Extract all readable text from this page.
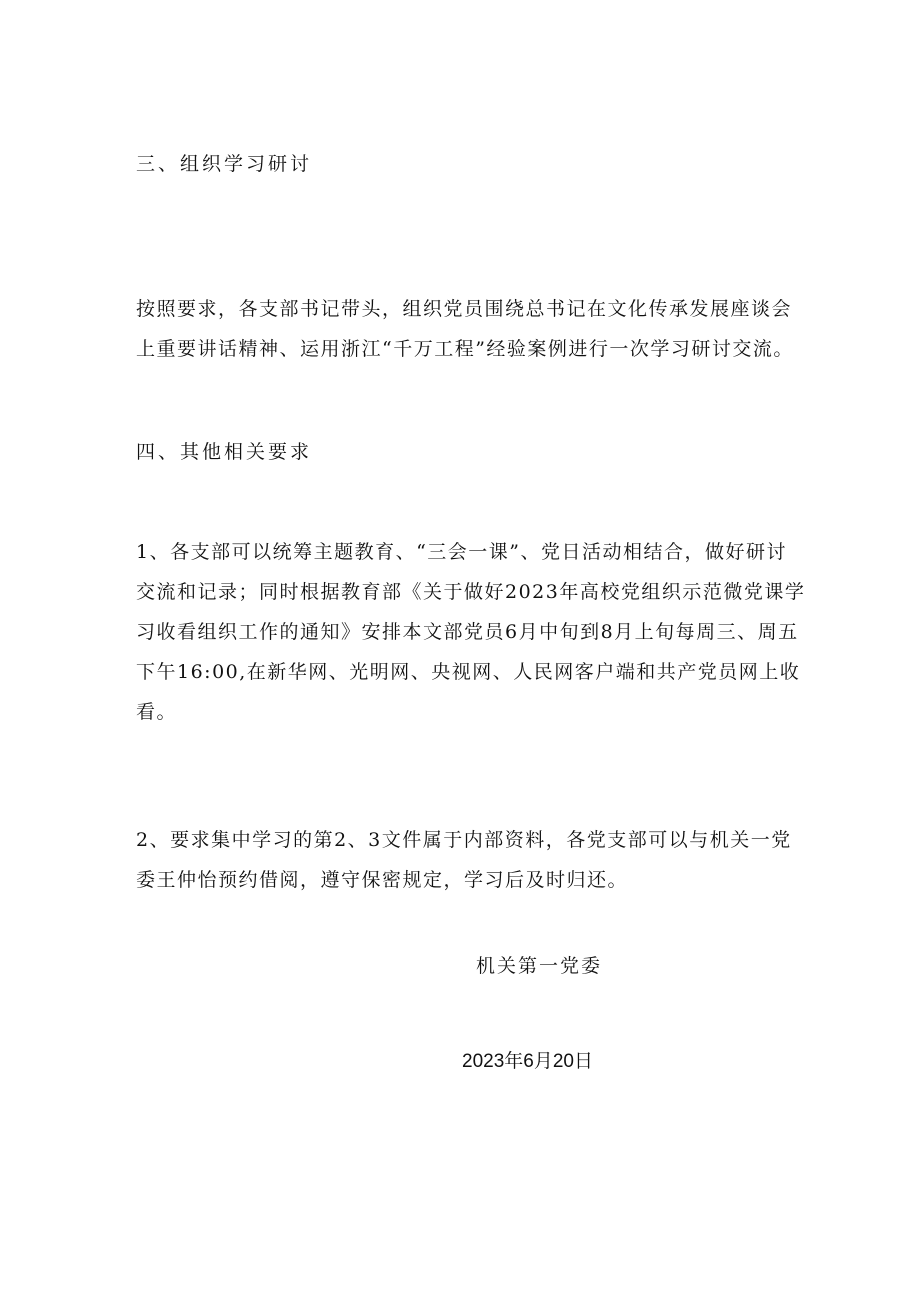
三、组织学习研讨
按照要求，各支部书记带头，组织党员围绕总书记在文化传承发展座谈会
上重要讲话精神、运用浙江“千万工程”经验案例进行一次学习研讨交流。
四、其他相关要求
1、各支部可以统筹主题教育、“三会一课”、党日活动相结合，做好研讨
交流和记录；同时根据教育部《关于做好2023年高校党组织示范微党课学
习收看组织工作的通知》安排本文部党员6月中旬到8月上旬每周三、周五
下午16:00,在新华网、光明网、央视网、人民网客户端和共产党员网上收
看。
2、要求集中学习的第2、3文件属于内部资料，各党支部可以与机关一党
委王仲怡预约借阅，遵守保密规定，学习后及时归还。
机关第一党委
2023年6月20日
